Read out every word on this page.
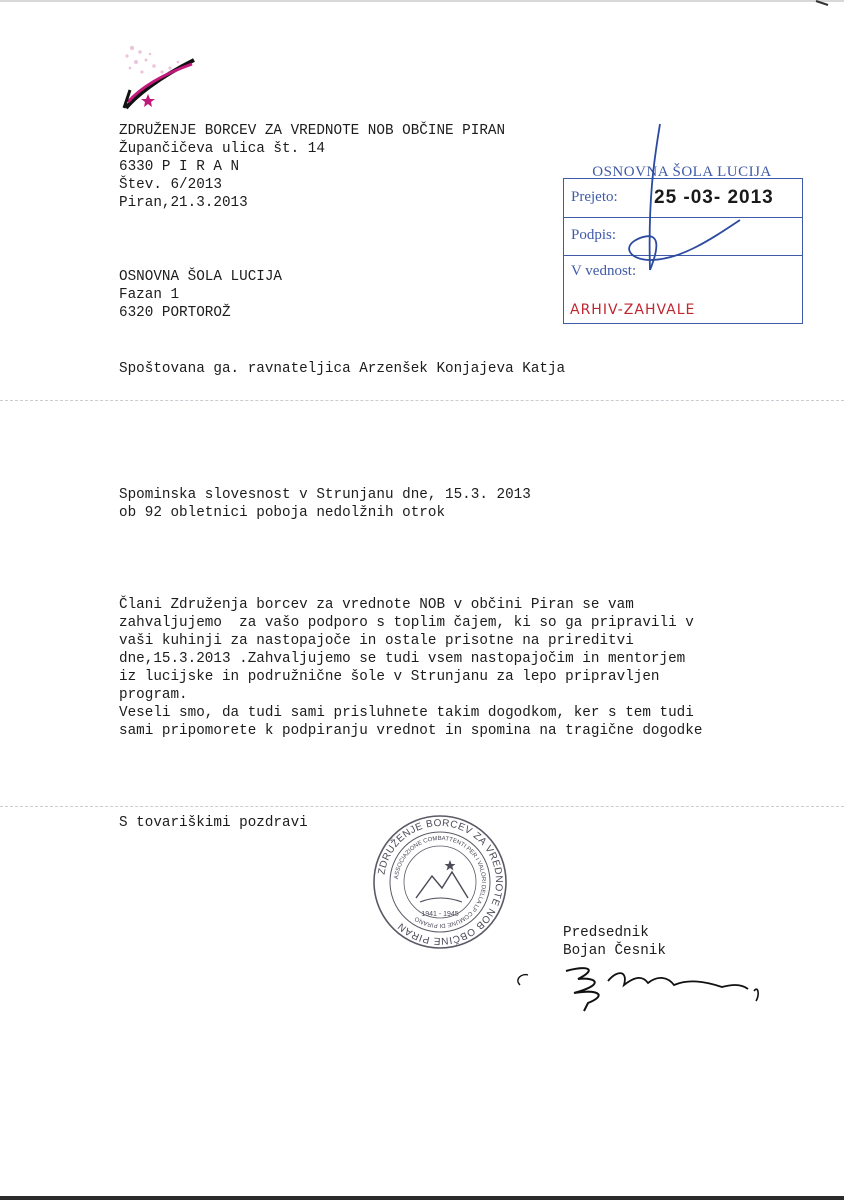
ZDRUŽENJE BORCEV ZA VREDNOTE NOB OBČINE PIRAN
Župančičeva ulica št. 14
6330 P I R A N
Štev. 6/2013
Piran,21.3.2013
OSNOVNA ŠOLA LUCIJA
Fazan 1
6320 PORTOROŽ
OSNOVNA ŠOLA LUCIJA
Prejeto: 25 -03- 2013
Podpis:
V vednost:
ARHIV-ZAHVALE
Spoštovana ga. ravnateljica Arzenšek Konjajeva Katja
Spominska slovesnost v Strunjanu dne, 15.3. 2013
ob 92 obletnici poboja nedolžnih otrok
Člani Združenja borcev za vrednote NOB v občini Piran se vam
zahvaljujemo  za vašo podporo s toplim čajem, ki so ga pripravili v
vaši kuhinji za nastopajoče in ostale prisotne na prireditvi
dne,15.3.2013 .Zahvaljujemo se tudi vsem nastopajočim in mentorjem
iz lucijske in podružnične šole v Strunjanu za lepo pripravljen
program.
Veseli smo, da tudi sami prisluhnete takim dogodkom, ker s tem tudi
sami pripomorete k podpiranju vrednot in spomina na tragične dogodke
S tovariškimi pozdravi
ZDRUŽENJE BORCEV ZA VREDNOTE NOB OBČINE PIRAN
ASSOCIAZIONE COMBATTENTI PER I VALORI DELLA LP COMUNE DI PIRANO
1941 - 1945
Predsednik
Bojan Česnik
